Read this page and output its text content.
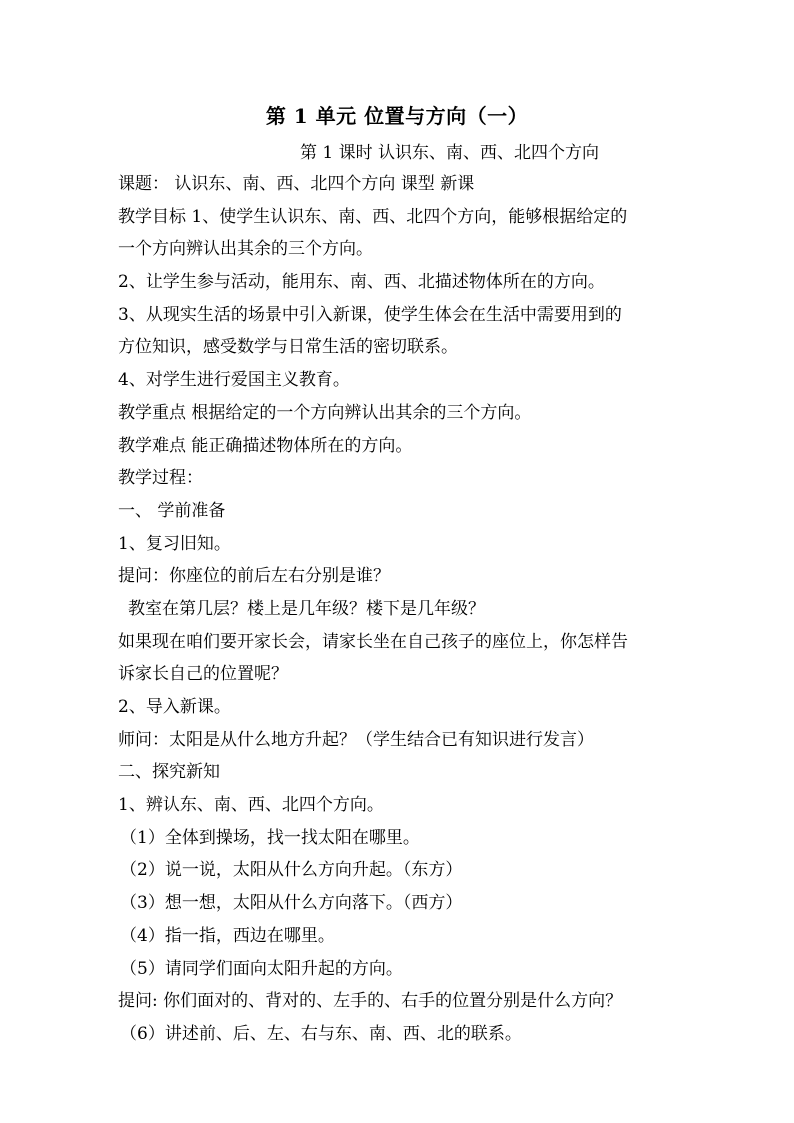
第 1 单元 位置与方向（一）
第 1 课时 认识东、南、西、北四个方向
课题： 认识东、南、西、北四个方向 课型 新课
教学目标 1、使学生认识东、南、西、北四个方向，能够根据给定的
一个方向辨认出其余的三个方向。
2、让学生参与活动，能用东、南、西、北描述物体所在的方向。
3、从现实生活的场景中引入新课，使学生体会在生活中需要用到的
方位知识，感受数学与日常生活的密切联系。
4、对学生进行爱国主义教育。
教学重点 根据给定的一个方向辨认出其余的三个方向。
教学难点 能正确描述物体所在的方向。
教学过程：
一、 学前准备
1、复习旧知。
提问：你座位的前后左右分别是谁？
教室在第几层？楼上是几年级？楼下是几年级？
如果现在咱们要开家长会，请家长坐在自己孩子的座位上，你怎样告
诉家长自己的位置呢？
2、导入新课。
师问：太阳是从什么地方升起？（学生结合已有知识进行发言）
二、探究新知
1、辨认东、南、西、北四个方向。
（1）全体到操场，找一找太阳在哪里。
（2）说一说，太阳从什么方向升起。（东方）
（3）想一想，太阳从什么方向落下。（西方）
（4）指一指，西边在哪里。
（5）请同学们面向太阳升起的方向。
提问: 你们面对的、背对的、左手的、右手的位置分别是什么方向？
（6）讲述前、后、左、右与东、南、西、北的联系。
